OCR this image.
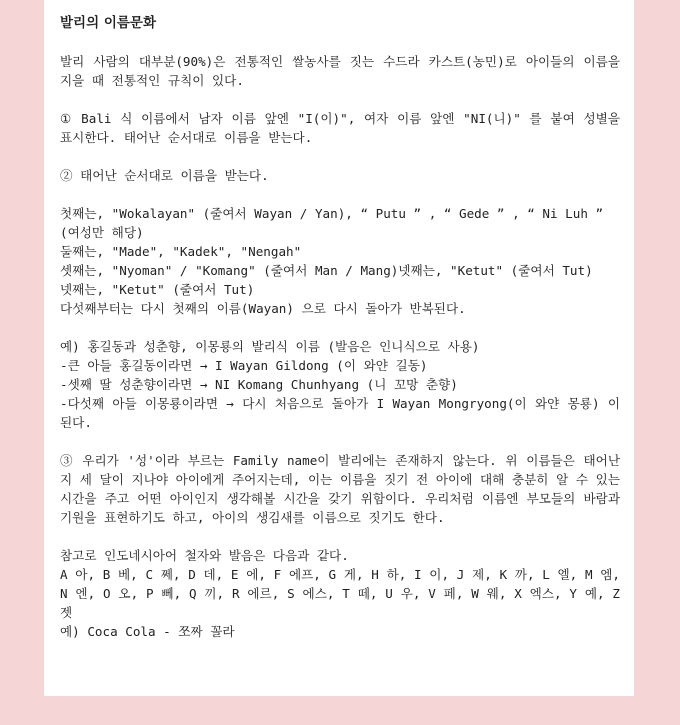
발리의 이름문화

발리 사람의 대부분(90%)은 전통적인 쌀농사를 짓는 수드라 카스트(농민)로 아이들의 이름을 지을 때 전통적인 규칙이 있다.

① Bali 식 이름에서 남자 이름 앞엔 "I(이)", 여자 이름 앞엔 "NI(니)" 를 붙여 성별을 표시한다. 태어난 순서대로 이름을 받는다.

② 태어난 순서대로 이름을 받는다.

첫째는, "Wokalayan" (줄여서 Wayan / Yan), “ Putu ” , “ Gede ” , “ Ni Luh ” (여성만 해당)

둘째는, "Made", "Kadek", "Nengah"

셋째는, "Nyoman" / "Komang" (줄여서 Man / Mang)넷째는, "Ketut" (줄여서 Tut)

넷째는, "Ketut" (줄여서 Tut)

다섯째부터는 다시 첫째의 이름(Wayan) 으로 다시 돌아가 반복된다.

예) 홍길동과 성춘향, 이몽룡의 발리식 이름 (발음은 인니식으로 사용)

-큰 아들 홍길동이라면 → I Wayan Gildong (이 와얀 길동)

-셋째 딸 성춘향이라면 → NI Komang Chunhyang (니 꼬망 춘향)

-다섯째 아들 이몽룡이라면 → 다시 처음으로 돌아가 I Wayan Mongryong(이 와얀 몽룡) 이 된다.

③ 우리가 '성'이라 부르는 Family name이 발리에는 존재하지 않는다. 위 이름들은 태어난 지 세 달이 지나야 아이에게 주어지는데, 이는 이름을 짓기 전 아이에 대해 충분히 알 수 있는 시간을 주고 어떤 아이인지 생각해볼 시간을 갖기 위함이다. 우리처럼 이름엔 부모들의 바람과 기원을 표현하기도 하고, 아이의 생김새를 이름으로 짓기도 한다.

참고로 인도네시아어 철자와 발음은 다음과 같다.

A 아, B 베, C 쩨, D 데, E 에, F 에프, G 게, H 하, I 이, J 제, K 까, L 엘, M 엠, N 엔, O 오, P 뻬, Q 끼, R 에르, S 에스, T 떼, U 우, V 페, W 웨, X 엑스, Y 예, Z 젯

예) Coca Cola - 쪼짜 꼴라
